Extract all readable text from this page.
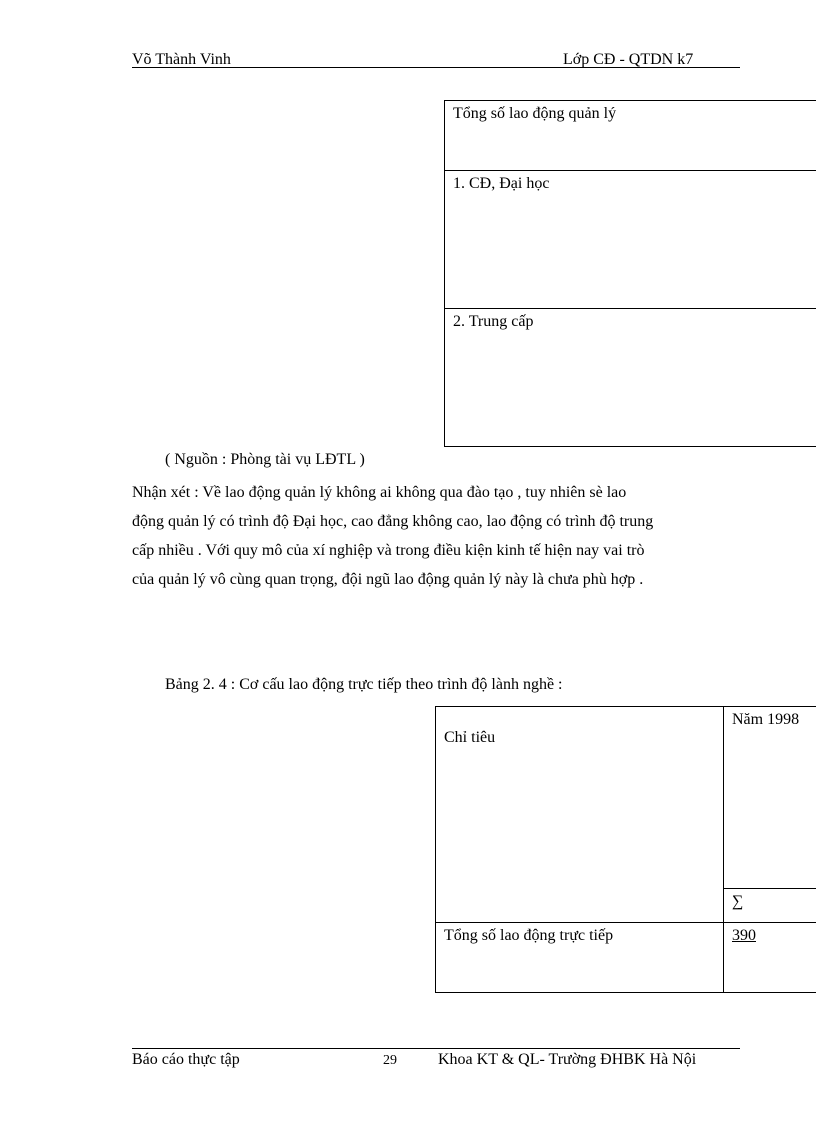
Võ Thành Vinh	Lớp CĐ - QTDN k7
Tổng số lao động quản lý
1. CĐ, Đại học
2. Trung cấp
( Nguồn : Phòng tài vụ LĐTL )
Nhận xét : Về lao động quản lý không ai không qua đào tạo , tuy nhiên sè lao
động quản lý có trình độ Đại học, cao đẳng không cao, lao động có trình độ trung
cấp nhiều . Với quy mô của xí nghiệp và trong điều kiện kinh tế hiện nay vai trò
của quản lý vô cùng quan trọng, đội ngũ lao động quản lý này là chưa phù hợp .
Bảng 2. 4 : Cơ cấu lao động trực tiếp theo trình độ lành nghề :
Chỉ tiêu	Năm 1998
	∑
Tổng số lao động trực tiếp	390
Báo cáo thực tập	29	Khoa KT & QL- Trường ĐHBK Hà Nội
